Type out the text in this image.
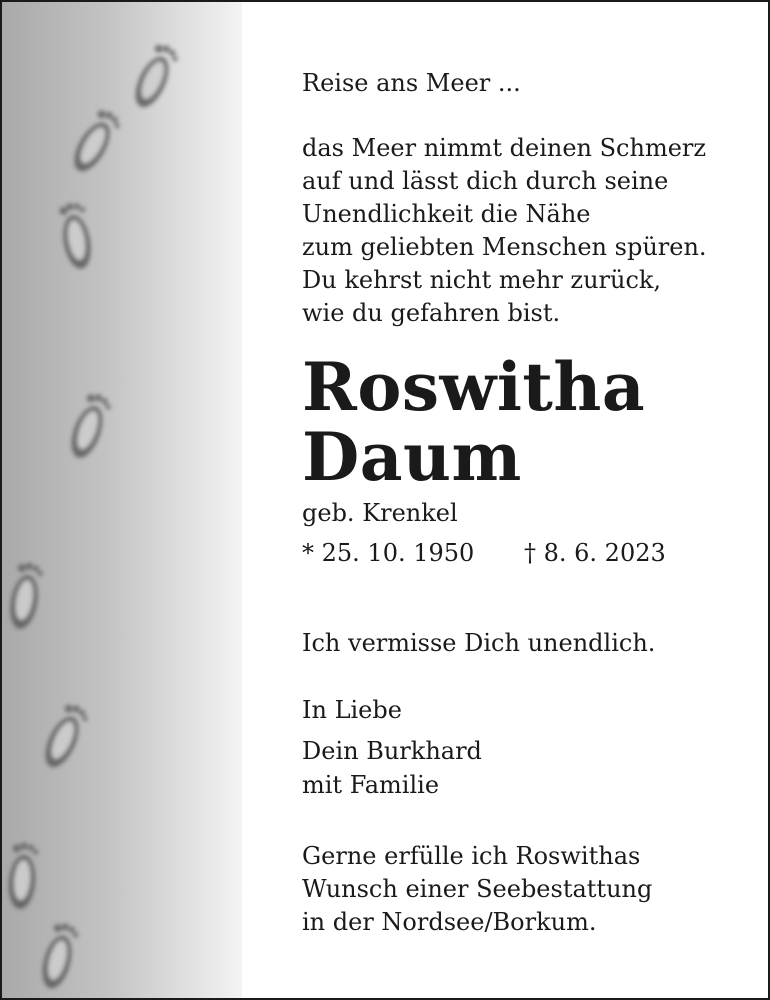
Reise ans Meer ...

das Meer nimmt deinen Schmerz

auf und lässt dich durch seine

Unendlichkeit die Nähe

zum geliebten Menschen spüren.

Du kehrst nicht mehr zurück,

wie du gefahren bist.

Roswitha

Daum

geb. Krenkel

* 25. 10. 1950 † 8. 6. 2023

Ich vermisse Dich unendlich.

In Liebe

Dein Burkhard

mit Familie

Gerne erfülle ich Roswithas

Wunsch einer Seebestattung

in der Nordsee/Borkum.
